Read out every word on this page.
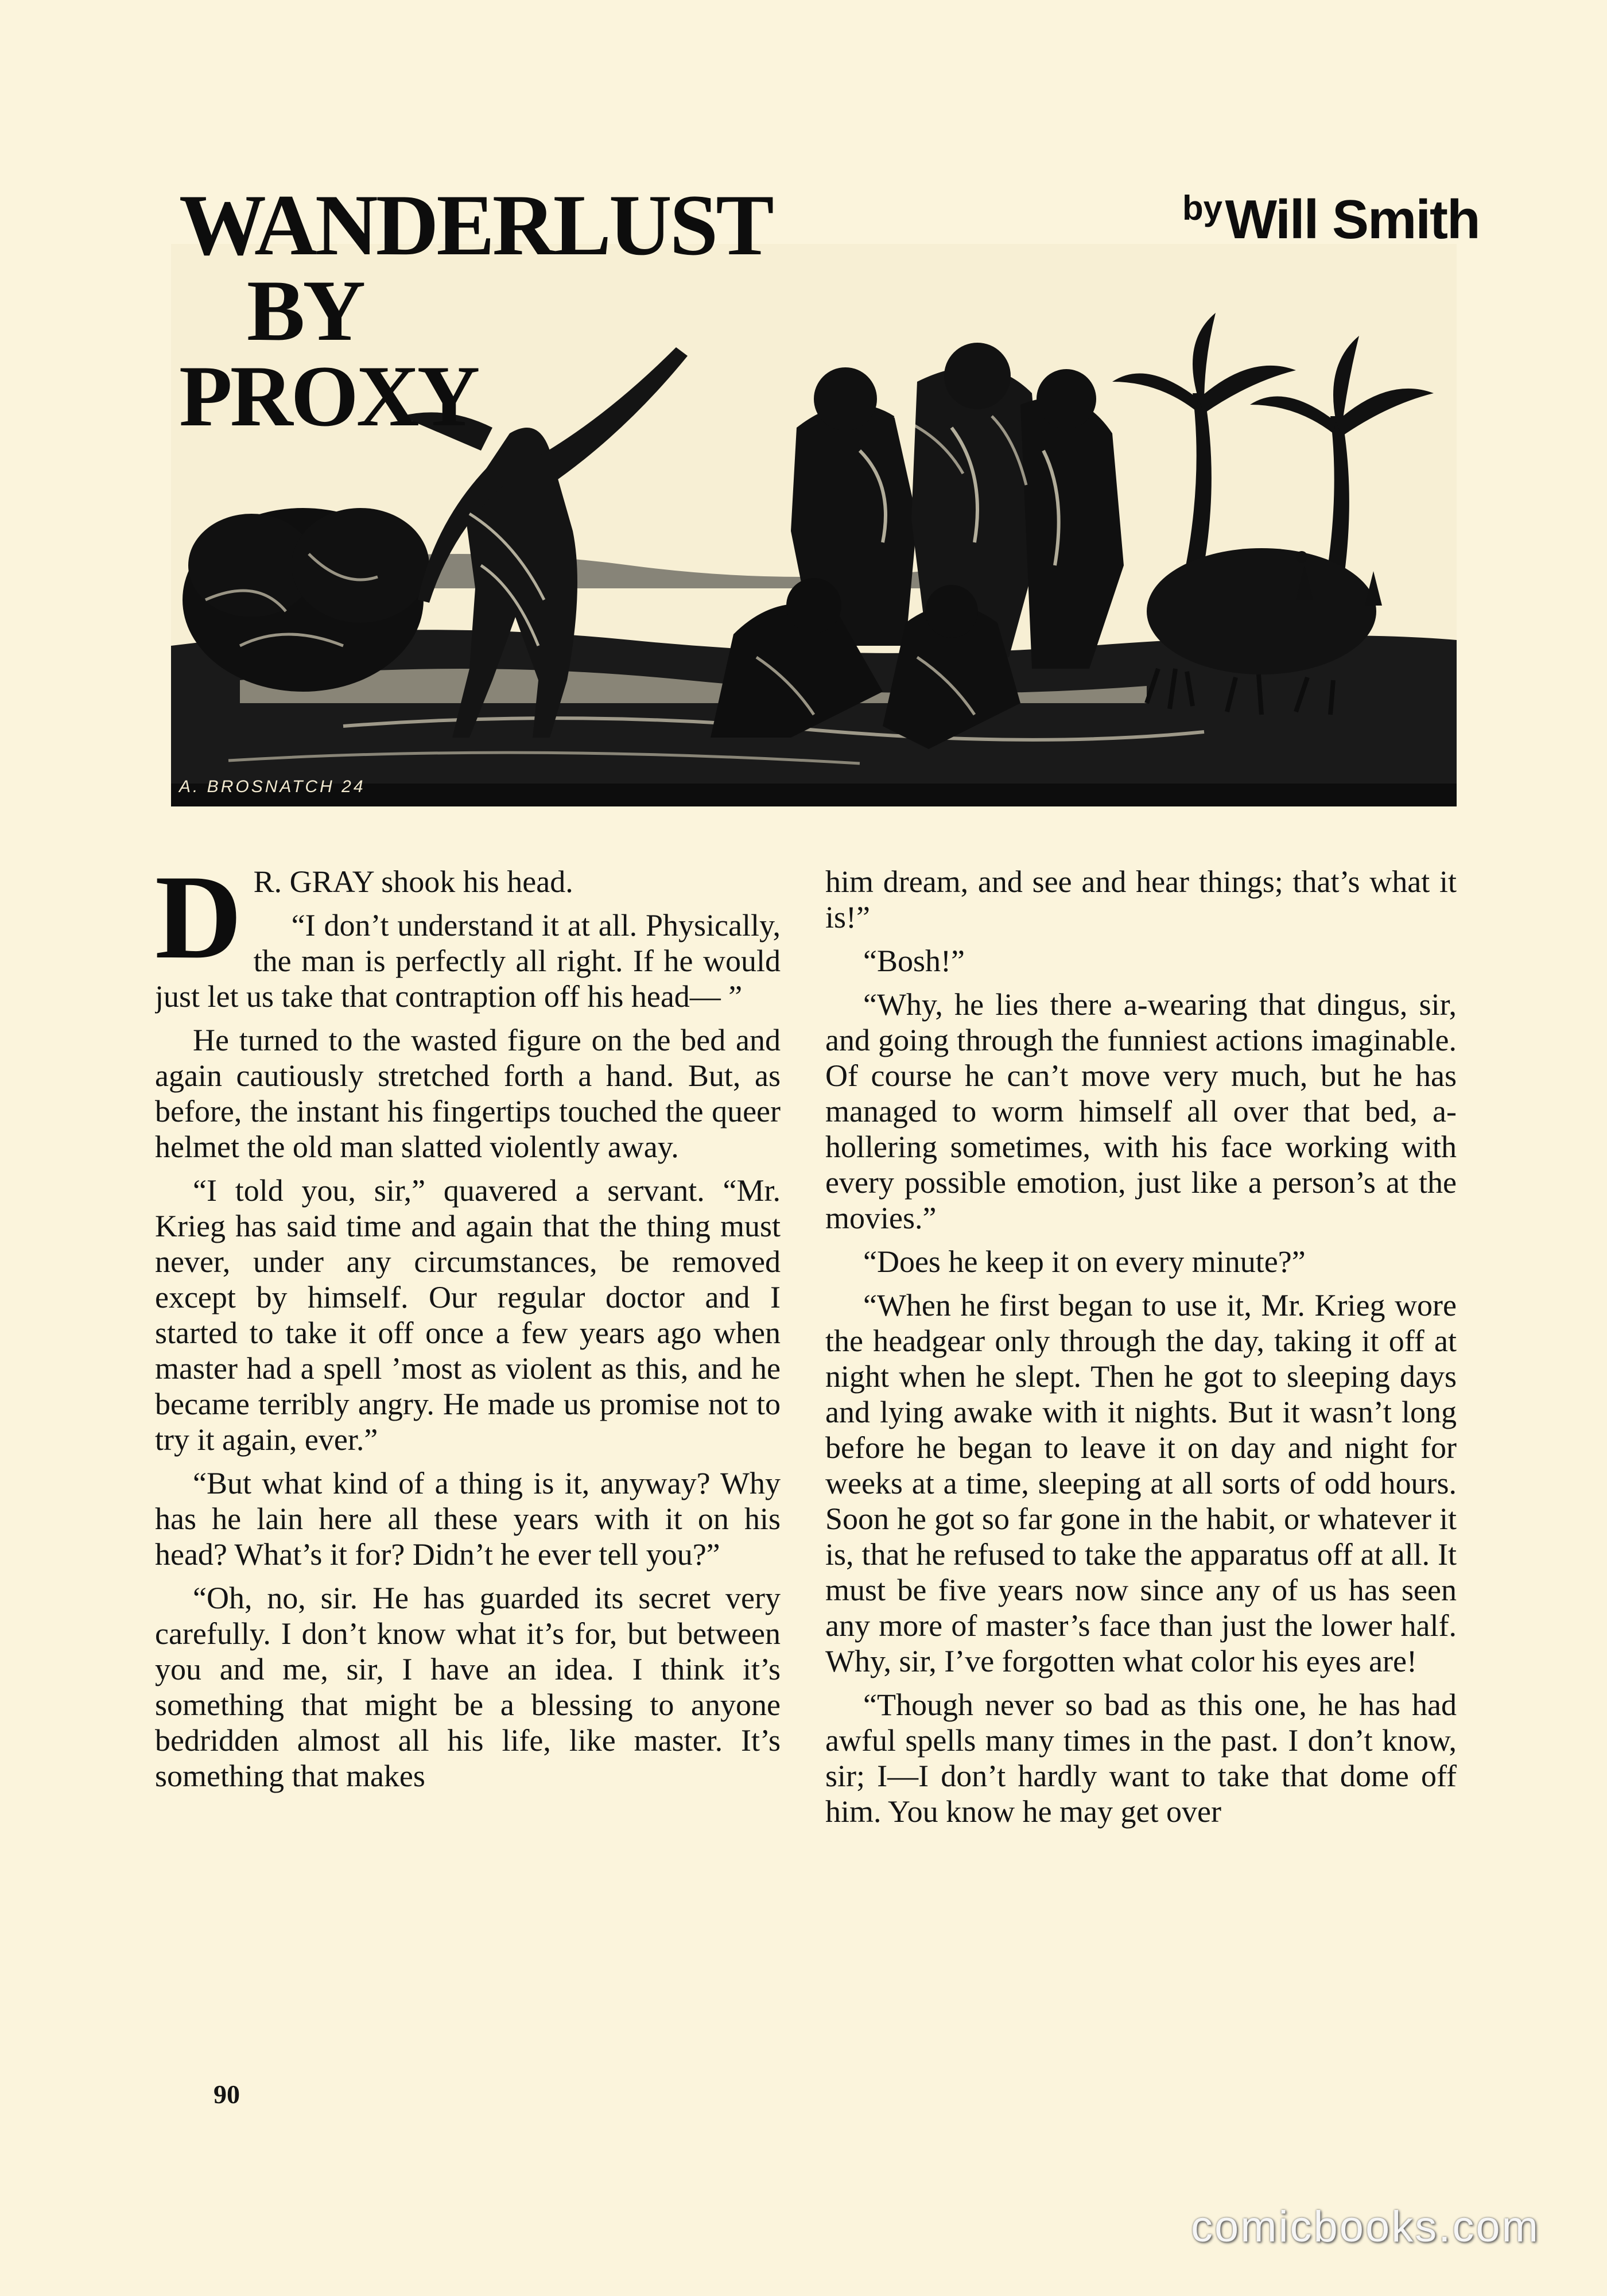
WANDERLUST
BY
PROXY
by Will Smith
A. BROSNATCH 24

D R. GRAY shook his head.

“I don’t understand it at all. Physically, the man is perfectly all right. If he would just let us take that contraption off his head— ”

He turned to the wasted figure on the bed and again cautiously stretched forth a hand. But, as before, the instant his fingertips touched the queer helmet the old man slatted violently away.

“I told you, sir,” quavered a servant. “Mr. Krieg has said time and again that the thing must never, under any circumstances, be removed except by himself. Our regular doctor and I started to take it off once a few years ago when master had a spell ’most as violent as this, and he became terribly angry. He made us promise not to try it again, ever.”

“But what kind of a thing is it, anyway? Why has he lain here all these years with it on his head? What’s it for? Didn’t he ever tell you?”

“Oh, no, sir. He has guarded its secret very carefully. I don’t know what it’s for, but between you and me, sir, I have an idea. I think it’s something that might be a blessing to anyone bedridden almost all his life, like master. It’s something that makes

him dream, and see and hear things; that’s what it is!”

“Bosh!”

“Why, he lies there a-wearing that dingus, sir, and going through the funniest actions imaginable. Of course he can’t move very much, but he has managed to worm himself all over that bed, a-hollering sometimes, with his face working with every possible emotion, just like a person’s at the movies.”

“Does he keep it on every minute?”

“When he first began to use it, Mr. Krieg wore the headgear only through the day, taking it off at night when he slept. Then he got to sleeping days and lying awake with it nights. But it wasn’t long before he began to leave it on day and night for weeks at a time, sleeping at all sorts of odd hours. Soon he got so far gone in the habit, or whatever it is, that he refused to take the apparatus off at all. It must be five years now since any of us has seen any more of master’s face than just the lower half. Why, sir, I’ve forgotten what color his eyes are!

“Though never so bad as this one, he has had awful spells many times in the past. I don’t know, sir; I—I don’t hardly want to take that dome off him. You know he may get over

90
comicbooks.com
